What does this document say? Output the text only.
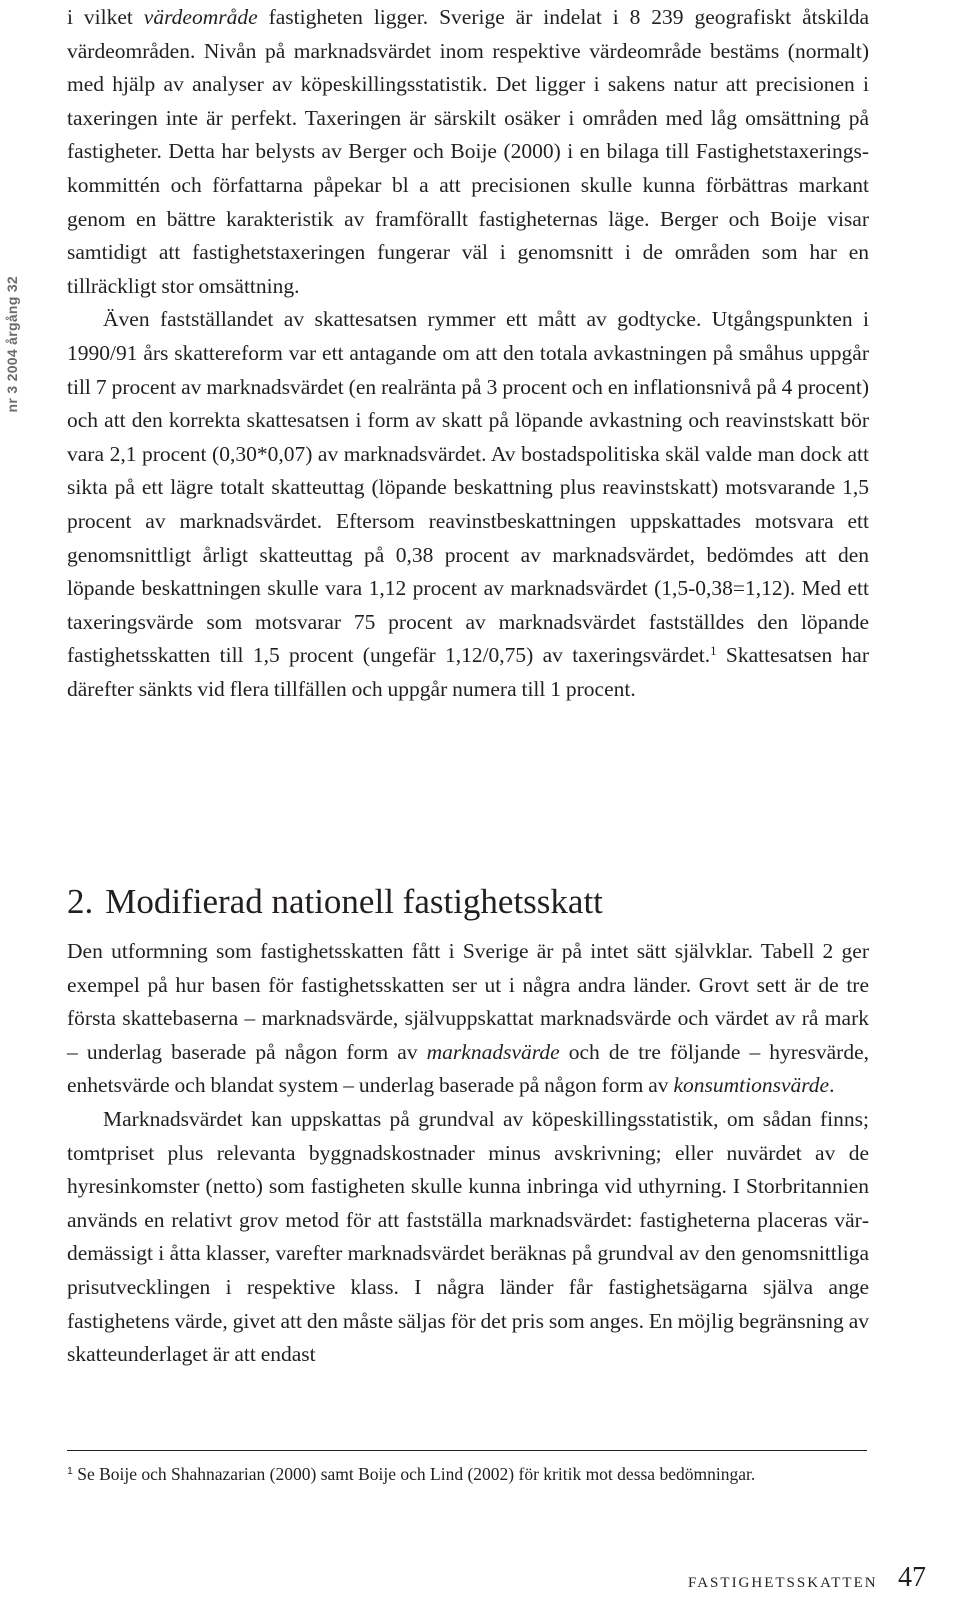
nr 3 2004 årgång 32

i vilket värdeområde fastigheten ligger. Sverige är indelat i 8 239 geografiskt åtskilda värdeområden. Nivån på marknadsvärdet inom respektive värdeområde bestäms (normalt) med hjälp av analyser av köpeskillingsstatistik. Det ligger i sakens natur att precisionen i taxeringen inte är perfekt. Taxeringen är särskilt osäker i områden med låg omsättning på fastigheter. Detta har belysts av Berger och Boije (2000) i en bilaga till Fastighetstaxeringskommittén och författarna påpekar bl a att precisionen skulle kunna förbättras markant genom en bättre karakteristik av framförallt fastigheternas läge. Berger och Boije visar samtidigt att fastighetstaxeringen fungerar väl i genomsnitt i de områden som har en tillräckligt stor omsättning.

Även fastställandet av skattesatsen rymmer ett mått av godtycke. Utgångspunkten i 1990/91 års skattereform var ett antagande om att den totala avkastningen på småhus uppgår till 7 procent av marknadsvärdet (en realränta på 3 procent och en inflationsnivå på 4 procent) och att den korrekta skattesatsen i form av skatt på löpande avkastning och reavinstskatt bör vara 2,1 procent (0,30*0,07) av marknadsvärdet. Av bostadspolitiska skäl valde man dock att sikta på ett lägre totalt skatteuttag (löpande beskattning plus reavinstskatt) motsvarande 1,5 procent av marknadsvärdet. Eftersom reavinstbeskattningen uppskattades motsvara ett genomsnittligt årligt skatteuttag på 0,38 procent av marknadsvärdet, bedömdes att den löpande beskattningen skulle vara 1,12 procent av marknadsvärdet (1,5-0,38=1,12). Med ett taxeringsvärde som motsvarar 75 procent av marknadsvärdet fastställdes den löpande fastighetsskatten till 1,5 procent (ungefär 1,12/0,75) av taxeringsvärdet.$^1$ Skattesatsen har därefter sänkts vid flera tillfällen och uppgår numera till 1 procent.

2. Modifierad nationell fastighetsskatt

Den utformning som fastighetsskatten fått i Sverige är på intet sätt självklar. Tabell 2 ger exempel på hur basen för fastighetsskatten ser ut i några andra länder. Grovt sett är de tre första skattebaserna – marknadsvärde, självuppskattat marknadsvärde och värdet av rå mark – underlag baserade på någon form av marknadsvärde och de tre följande – hyresvärde, enhetsvärde och blandat system – underlag baserade på någon form av konsumtionsvärde.

Marknadsvärdet kan uppskattas på grundval av köpeskillingsstatistik, om sådan finns; tomtpriset plus relevanta byggnadskostnader minus avskrivning; eller nuvärdet av de hyresinkomster (netto) som fastigheten skulle kunna inbringa vid uthyrning. I Storbritannien används en relativt grov metod för att fastställa marknadsvärdet: fastigheterna placeras värdemässigt i åtta klasser, varefter marknadsvärdet beräknas på grundval av den genomsnittliga prisutvecklingen i respektive klass. I några länder får fastighetsägarna själva ange fastighetens värde, givet att den måste säljas för det pris som anges. En möjlig begränsning av skatteunderlaget är att endast

$^1$ Se Boije och Shahnazarian (2000) samt Boije och Lind (2002) för kritik mot dessa bedömningar.

FASTIGHETSSKATTEN 47
